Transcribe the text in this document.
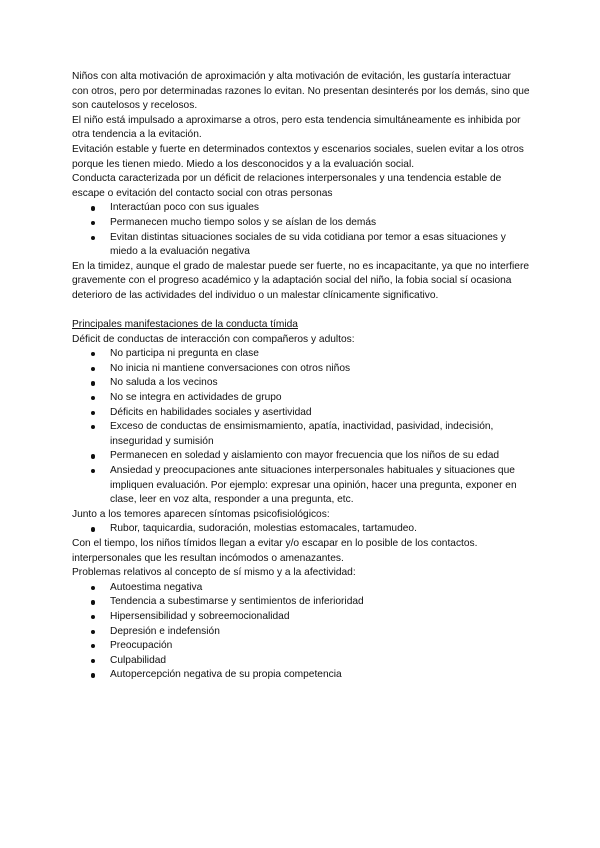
Niños con alta motivación de aproximación y alta motivación de evitación, les gustaría interactuar con otros, pero por determinadas razones lo evitan. No presentan desinterés por los demás, sino que son cautelosos y recelosos.

El niño está impulsado a aproximarse a otros, pero esta tendencia simultáneamente es inhibida por otra tendencia a la evitación.

Evitación estable y fuerte en determinados contextos y escenarios sociales, suelen evitar a los otros porque les tienen miedo. Miedo a los desconocidos y a la evaluación social.

Conducta caracterizada por un déficit de relaciones interpersonales y una tendencia estable de escape o evitación del contacto social con otras personas

Interactúan poco con sus iguales
Permanecen mucho tiempo solos y se aíslan de los demás
Evitan distintas situaciones sociales de su vida cotidiana por temor a esas situaciones y miedo a la evaluación negativa

En la timidez, aunque el grado de malestar puede ser fuerte, no es incapacitante, ya que no interfiere gravemente con el progreso académico y la adaptación social del niño, la fobia social sí ocasiona deterioro de las actividades del individuo o un malestar clínicamente significativo.

Principales manifestaciones de la conducta tímida

Déficit de conductas de interacción con compañeros y adultos:

No participa ni pregunta en clase
No inicia ni mantiene conversaciones con otros niños
No saluda a los vecinos
No se integra en actividades de grupo
Déficits en habilidades sociales y asertividad
Exceso de conductas de ensimismamiento, apatía, inactividad, pasividad, indecisión, inseguridad y sumisión
Permanecen en soledad y aislamiento con mayor frecuencia que los niños de su edad
Ansiedad y preocupaciones ante situaciones interpersonales habituales y situaciones que impliquen evaluación. Por ejemplo: expresar una opinión, hacer una pregunta, exponer en clase, leer en voz alta, responder a una pregunta, etc.

Junto a los temores aparecen síntomas psicofisiológicos:

Rubor, taquicardia, sudoración, molestias estomacales, tartamudeo.

Con el tiempo, los niños tímidos llegan a evitar y/o escapar en lo posible de los contactos. interpersonales que les resultan incómodos o amenazantes.

Problemas relativos al concepto de sí mismo y a la afectividad:

Autoestima negativa
Tendencia a subestimarse y sentimientos de inferioridad
Hipersensibilidad y sobreemocionalidad
Depresión e indefensión
Preocupación
Culpabilidad
Autopercepción negativa de su propia competencia
